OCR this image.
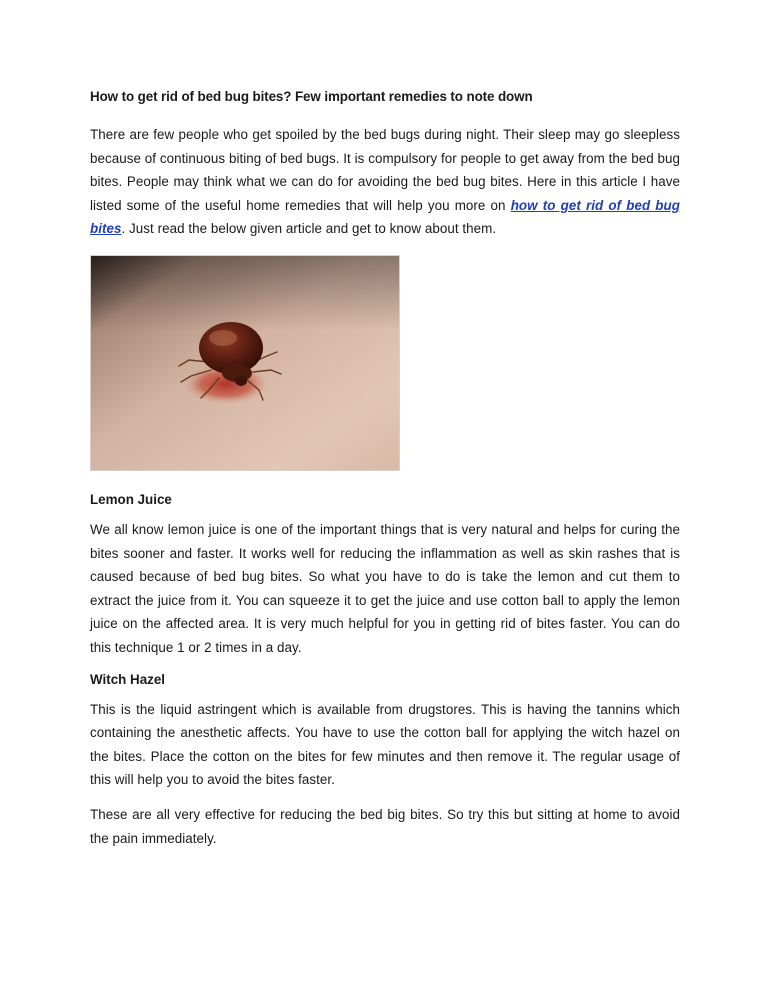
How to get rid of bed bug bites? Few important remedies to note down

There are few people who get spoiled by the bed bugs during night. Their sleep may go sleepless because of continuous biting of bed bugs. It is compulsory for people to get away from the bed bug bites. People may think what we can do for avoiding the bed bug bites. Here in this article I have listed some of the useful home remedies that will help you more on how to get rid of bed bug bites. Just read the below given article and get to know about them.

Lemon Juice

We all know lemon juice is one of the important things that is very natural and helps for curing the bites sooner and faster. It works well for reducing the inflammation as well as skin rashes that is caused because of bed bug bites. So what you have to do is take the lemon and cut them to extract the juice from it. You can squeeze it to get the juice and use cotton ball to apply the lemon juice on the affected area. It is very much helpful for you in getting rid of bites faster. You can do this technique 1 or 2 times in a day.

Witch Hazel

This is the liquid astringent which is available from drugstores. This is having the tannins which containing the anesthetic affects. You have to use the cotton ball for applying the witch hazel on the bites. Place the cotton on the bites for few minutes and then remove it. The regular usage of this will help you to avoid the bites faster.

These are all very effective for reducing the bed big bites. So try this but sitting at home to avoid the pain immediately.
